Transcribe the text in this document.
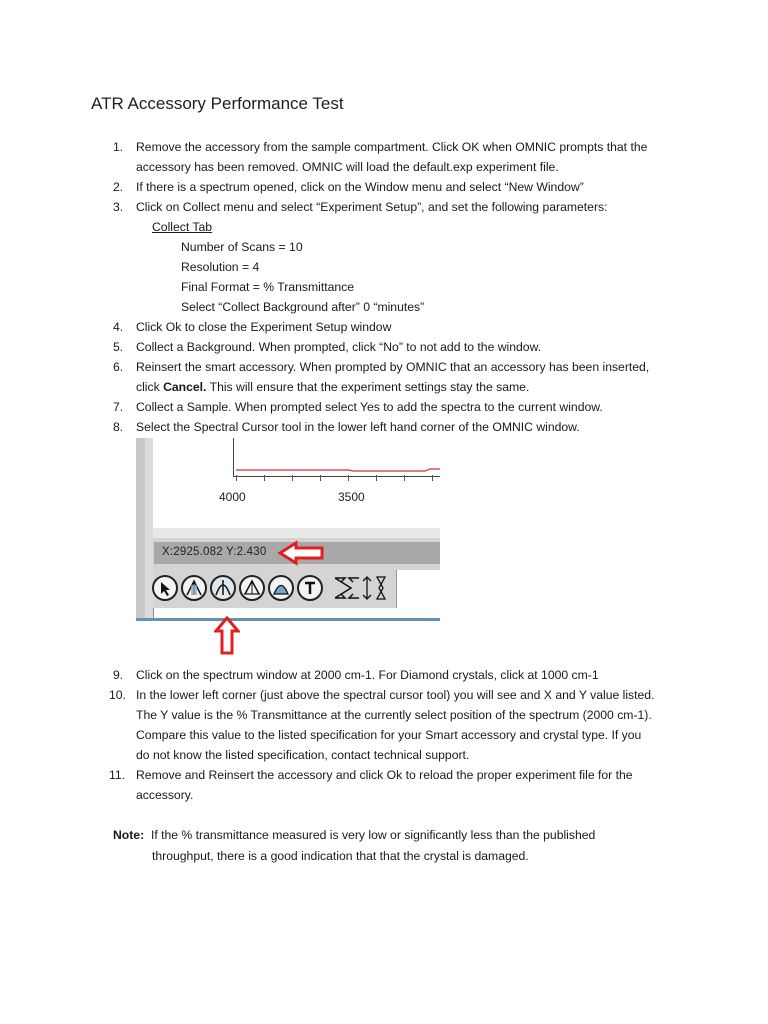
ATR Accessory Performance Test
1.	Remove the accessory from the sample compartment. Click OK when OMNIC prompts that the
accessory has been removed. OMNIC will load the default.exp experiment file.
2.	If there is a spectrum opened, click on the Window menu and select “New Window”
3.	Click on Collect menu and select “Experiment Setup”, and set the following parameters:
Collect Tab
Number of Scans = 10
Resolution = 4
Final Format = % Transmittance
Select “Collect Background after” 0 “minutes”
4.	Click Ok to close the Experiment Setup window
5.	Collect a Background. When prompted, click “No” to not add to the window.
6.	Reinsert the smart accessory. When prompted by OMNIC that an accessory has been inserted,
click Cancel. This will ensure that the experiment settings stay the same.
7.	Collect a Sample. When prompted select Yes to add the spectra to the current window.
8.	Select the Spectral Cursor tool in the lower left hand corner of the OMNIC window.
4000	3500
X:2925.082 Y:2.430
9.	Click on the spectrum window at 2000 cm-1. For Diamond crystals, click at 1000 cm-1
10. In the lower left corner (just above the spectral cursor tool) you will see and X and Y value listed.
The Y value is the % Transmittance at the currently select position of the spectrum (2000 cm-1).
Compare this value to the listed specification for your Smart accessory and crystal type. If you
do not know the listed specification, contact technical support.
11. Remove and Reinsert the accessory and click Ok to reload the proper experiment file for the
accessory.
Note: If the % transmittance measured is very low or significantly less than the published
throughput, there is a good indication that that the crystal is damaged.
